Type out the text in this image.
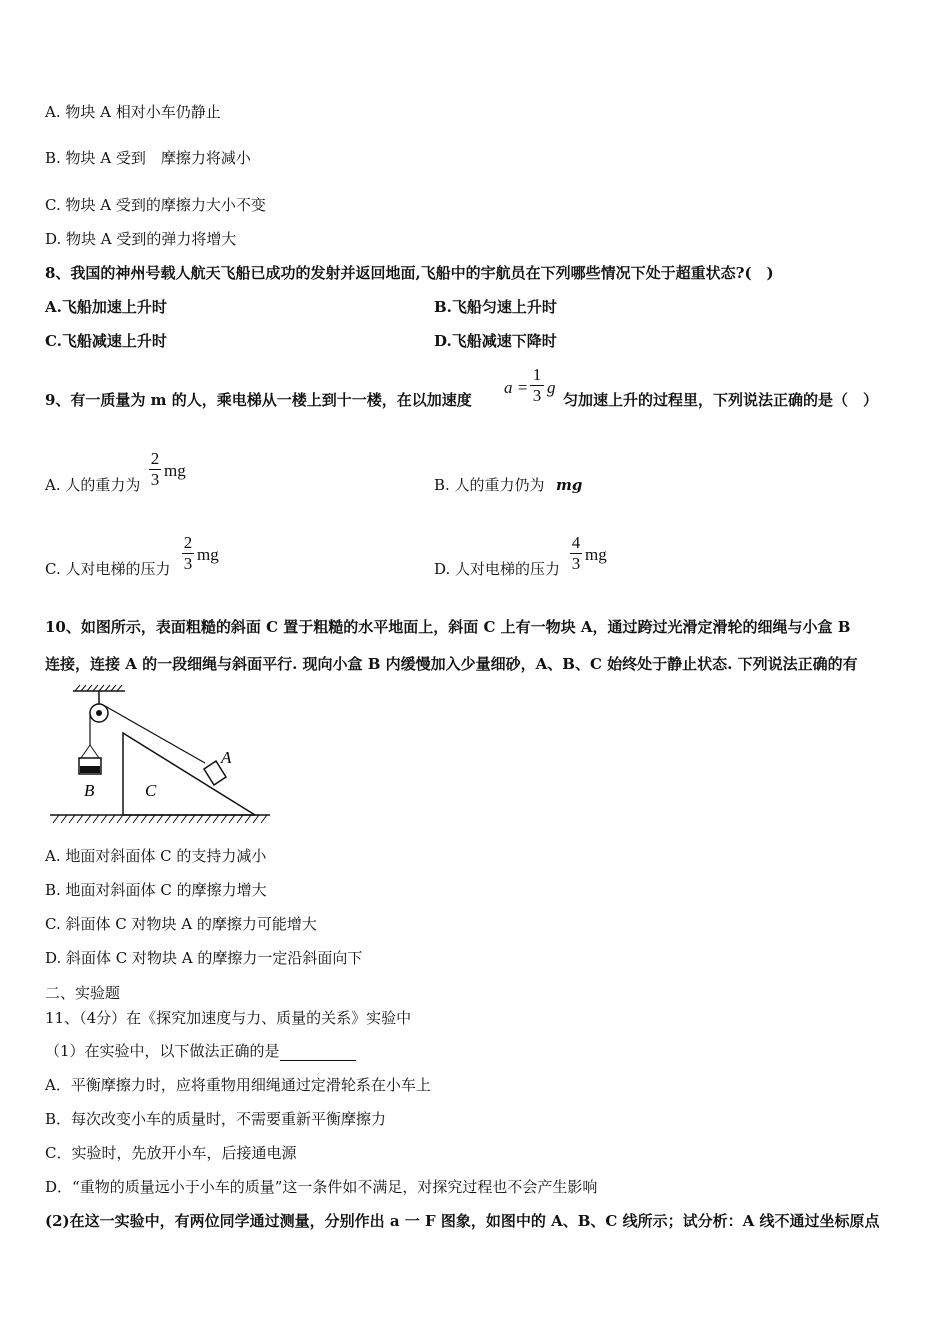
A. 物块 A 相对小车仍静止
B. 物块 A 受到　摩擦力将减小
C. 物块 A 受到的摩擦力大小不变
D. 物块 A 受到的弹力将增大
8、我国的神州号载人航天飞船已成功的发射并返回地面,飞船中的宇航员在下列哪些情况下处于超重状态?(　)
A.飞船加速上升时	B.飞船匀速上升时
C.飞船减速上升时	D.飞船减速下降时
9、有一质量为 m 的人，乘电梯从一楼上到十一楼，在以加速度
a =
1
3 g
匀加速上升的过程里，下列说法正确的是（　）
A. 人的重力为
2
3 mg
B. 人的重力仍为 mg
C. 人对电梯的压力
2
3 mg
D. 人对电梯的压力
4
3 mg
10、如图所示，表面粗糙的斜面 C 置于粗糙的水平地面上，斜面 C 上有一物块 A，通过跨过光滑定滑轮的细绳与小盒 B
连接，连接 A 的一段细绳与斜面平行. 现向小盒 B 内缓慢加入少量细砂，A、B、C 始终处于静止状态. 下列说法正确的有
A
B	C
A. 地面对斜面体 C 的支持力减小
B. 地面对斜面体 C 的摩擦力增大
C. 斜面体 C 对物块 A 的摩擦力可能增大
D. 斜面体 C 对物块 A 的摩擦力一定沿斜面向下
二、实验题
11、（4分）在《探究加速度与力、质量的关系》实验中
（1）在实验中，以下做法正确的是
A．平衡摩擦力时，应将重物用细绳通过定滑轮系在小车上
B．每次改变小车的质量时，不需要重新平衡摩擦力
C．实验时，先放开小车，后接通电源
D．“重物的质量远小于小车的质量”这一条件如不满足，对探究过程也不会产生影响
(2)在这一实验中，有两位同学通过测量，分别作出 a 一 F 图象，如图中的 A、B、C 线所示；试分析：A 线不通过坐标原点
